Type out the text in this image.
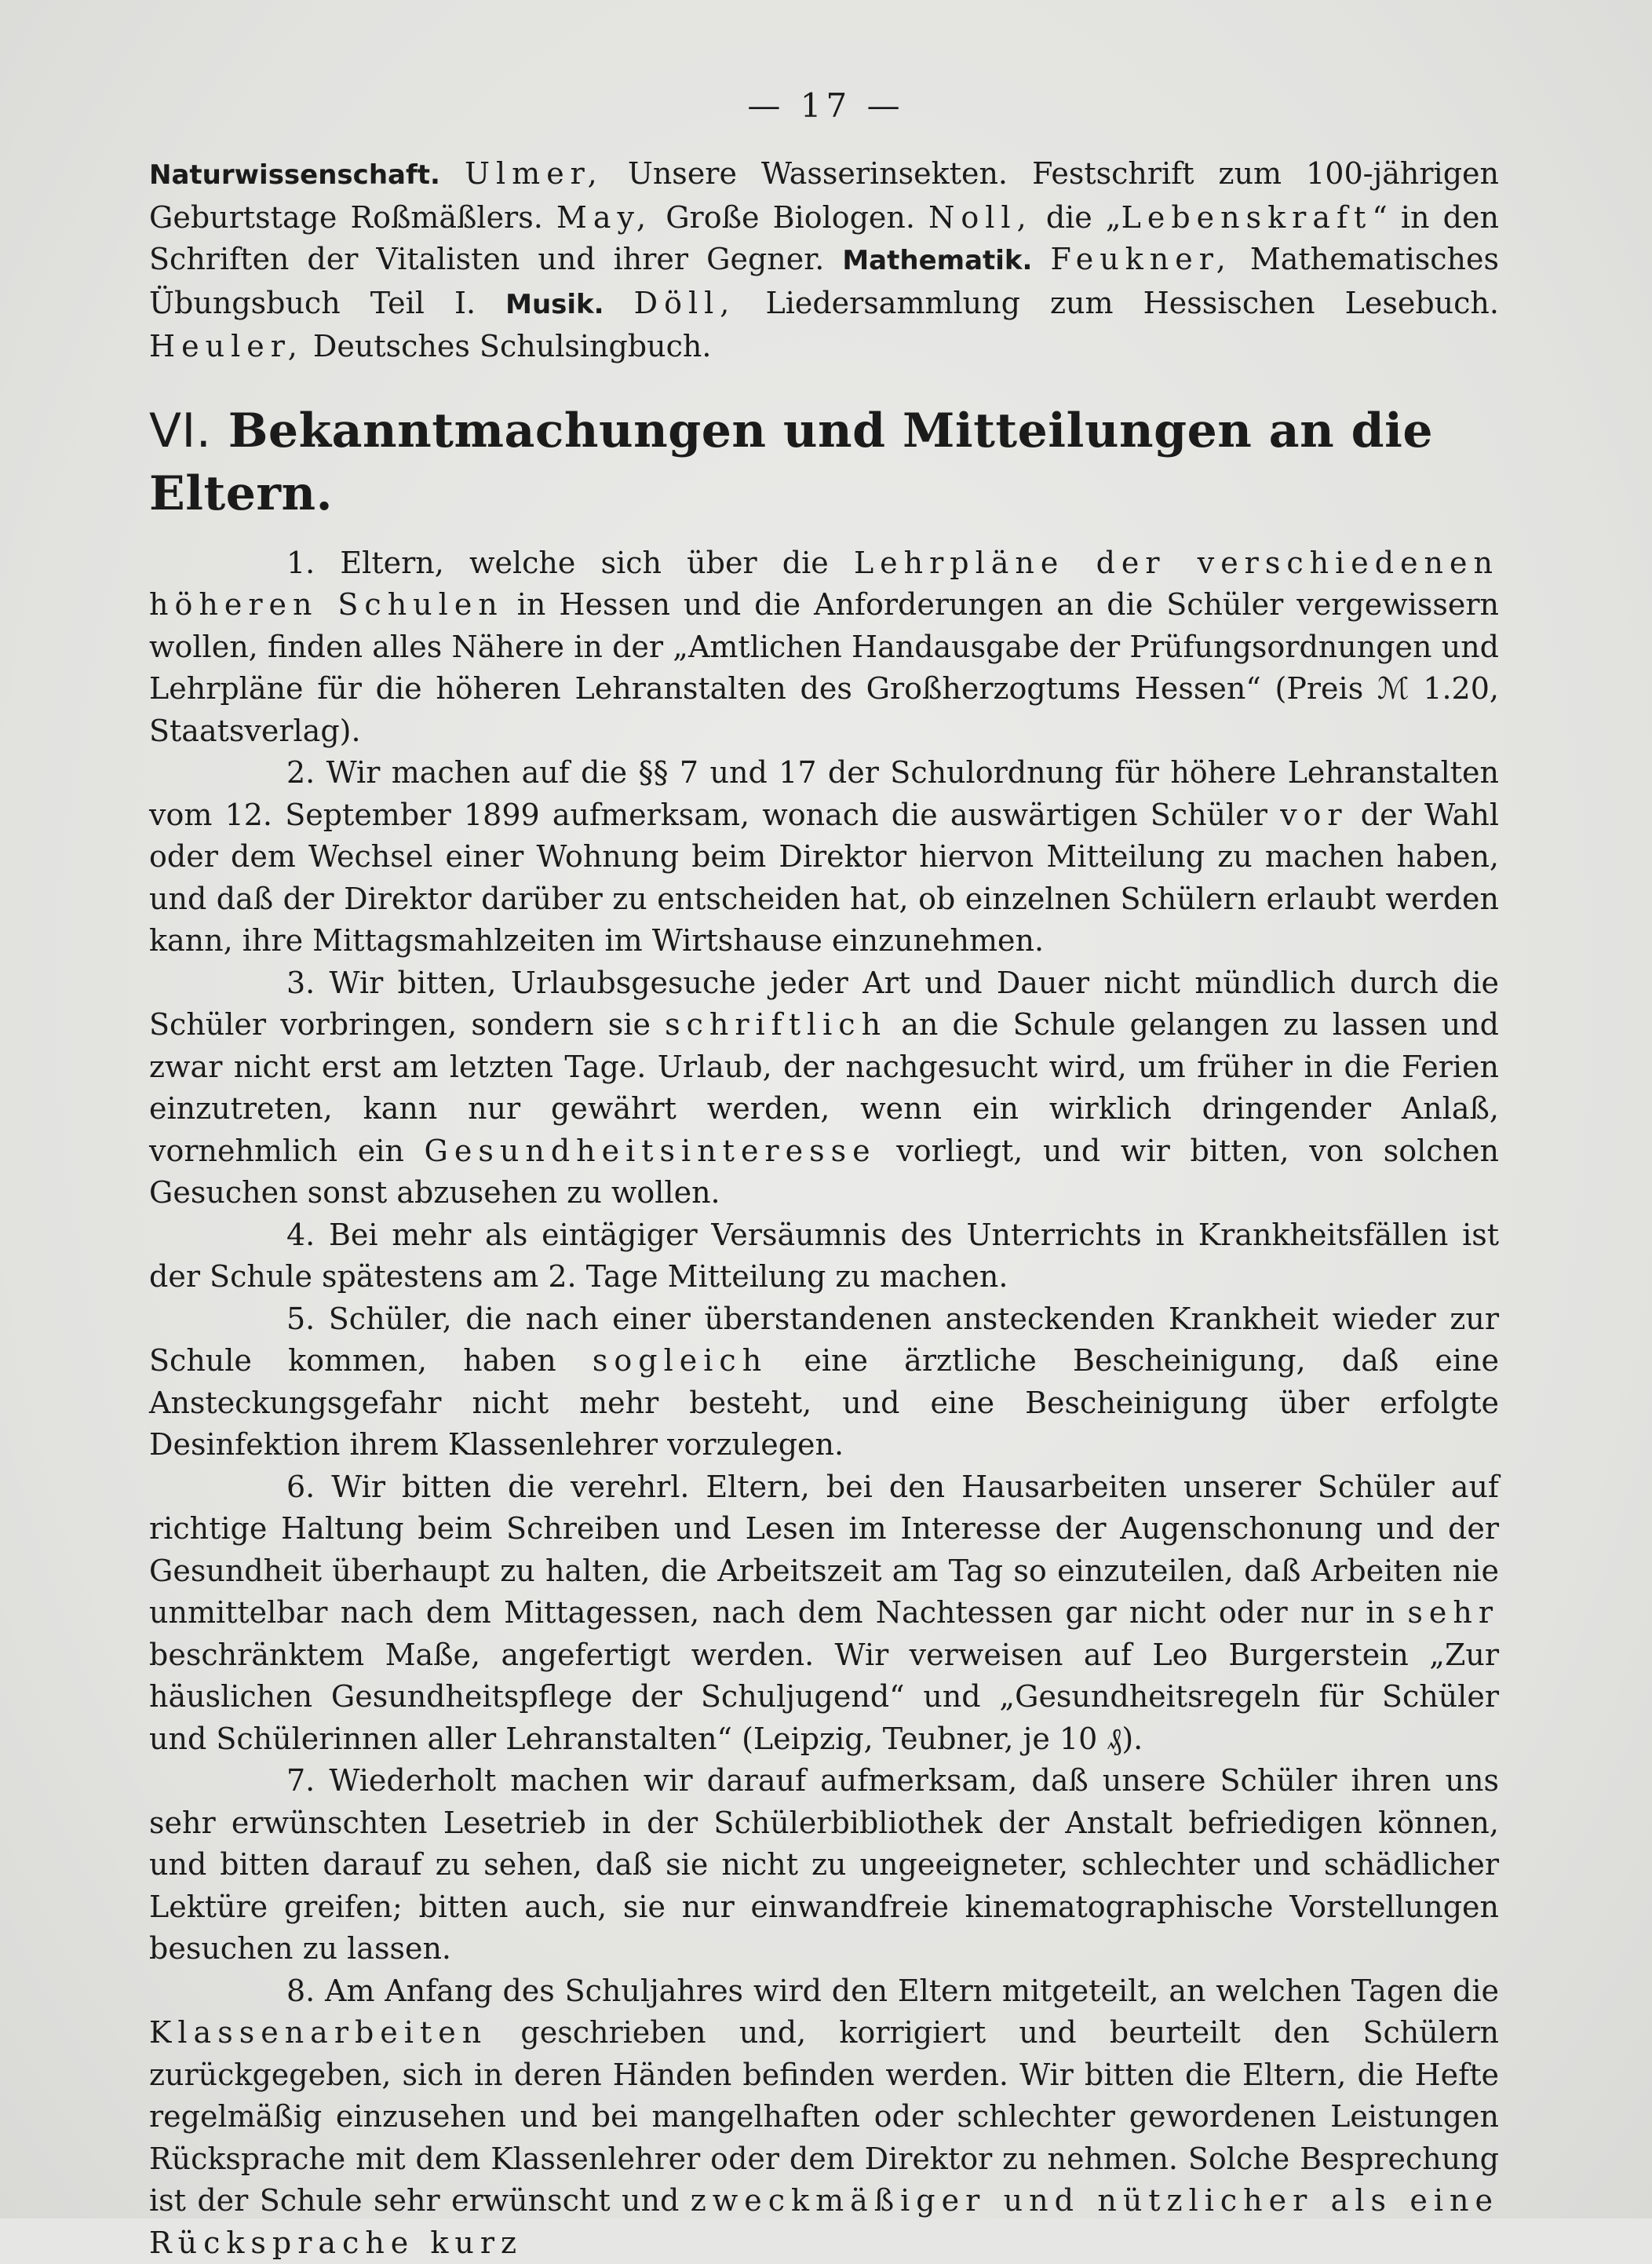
— 17 —

Naturwissenschaft. Ulmer, Unsere Wasserinsekten. Festschrift zum 100-jährigen Geburtstage Roßmäßlers. May, Große Biologen. Noll, die „Lebenskraft“ in den Schriften der Vitalisten und ihrer Gegner. Mathematik. Feukner, Mathematisches Übungsbuch Teil I. Musik. Döll, Liedersammlung zum Hessischen Lesebuch. Heuler, Deutsches Schulsingbuch.

VI. Bekanntmachungen und Mitteilungen an die Eltern.

1. Eltern, welche sich über die Lehrpläne der verschiedenen höheren Schulen in Hessen und die Anforderungen an die Schüler vergewissern wollen, finden alles Nähere in der „Amtlichen Handausgabe der Prüfungsordnungen und Lehrpläne für die höheren Lehranstalten des Großherzogtums Hessen“ (Preis ℳ 1.20, Staatsverlag).

2. Wir machen auf die §§ 7 und 17 der Schulordnung für höhere Lehranstalten vom 12. September 1899 aufmerksam, wonach die auswärtigen Schüler vor der Wahl oder dem Wechsel einer Wohnung beim Direktor hiervon Mitteilung zu machen haben, und daß der Direktor darüber zu entscheiden hat, ob einzelnen Schülern erlaubt werden kann, ihre Mittagsmahlzeiten im Wirtshause einzunehmen.

3. Wir bitten, Urlaubsgesuche jeder Art und Dauer nicht mündlich durch die Schüler vorbringen, sondern sie schriftlich an die Schule gelangen zu lassen und zwar nicht erst am letzten Tage. Urlaub, der nachgesucht wird, um früher in die Ferien einzutreten, kann nur gewährt werden, wenn ein wirklich dringender Anlaß, vornehmlich ein Gesundheitsinteresse vorliegt, und wir bitten, von solchen Gesuchen sonst abzusehen zu wollen.

4. Bei mehr als eintägiger Versäumnis des Unterrichts in Krankheitsfällen ist der Schule spätestens am 2. Tage Mitteilung zu machen.

5. Schüler, die nach einer überstandenen ansteckenden Krankheit wieder zur Schule kommen, haben sogleich eine ärztliche Bescheinigung, daß eine Ansteckungsgefahr nicht mehr besteht, und eine Bescheinigung über erfolgte Desinfektion ihrem Klassenlehrer vorzulegen.

6. Wir bitten die verehrl. Eltern, bei den Hausarbeiten unserer Schüler auf richtige Haltung beim Schreiben und Lesen im Interesse der Augenschonung und der Gesundheit überhaupt zu halten, die Arbeitszeit am Tag so einzuteilen, daß Arbeiten nie unmittelbar nach dem Mittagessen, nach dem Nachtessen gar nicht oder nur in sehr beschränktem Maße, angefertigt werden. Wir verweisen auf Leo Burgerstein „Zur häuslichen Gesundheitspflege der Schuljugend“ und „Gesundheitsregeln für Schüler und Schülerinnen aller Lehranstalten“ (Leipzig, Teubner, je 10 ₰).

7. Wiederholt machen wir darauf aufmerksam, daß unsere Schüler ihren uns sehr erwünschten Lesetrieb in der Schülerbibliothek der Anstalt befriedigen können, und bitten darauf zu sehen, daß sie nicht zu ungeeigneter, schlechter und schädlicher Lektüre greifen; bitten auch, sie nur einwandfreie kinematographische Vorstellungen besuchen zu lassen.

8. Am Anfang des Schuljahres wird den Eltern mitgeteilt, an welchen Tagen die Klassenarbeiten geschrieben und, korrigiert und beurteilt den Schülern zurückgegeben, sich in deren Händen befinden werden. Wir bitten die Eltern, die Hefte regelmäßig einzusehen und bei mangelhaften oder schlechter gewordenen Leistungen Rücksprache mit dem Klassenlehrer oder dem Direktor zu nehmen. Solche Besprechung ist der Schule sehr erwünscht und zweckmäßiger und nützlicher als eine Rücksprache kurz
